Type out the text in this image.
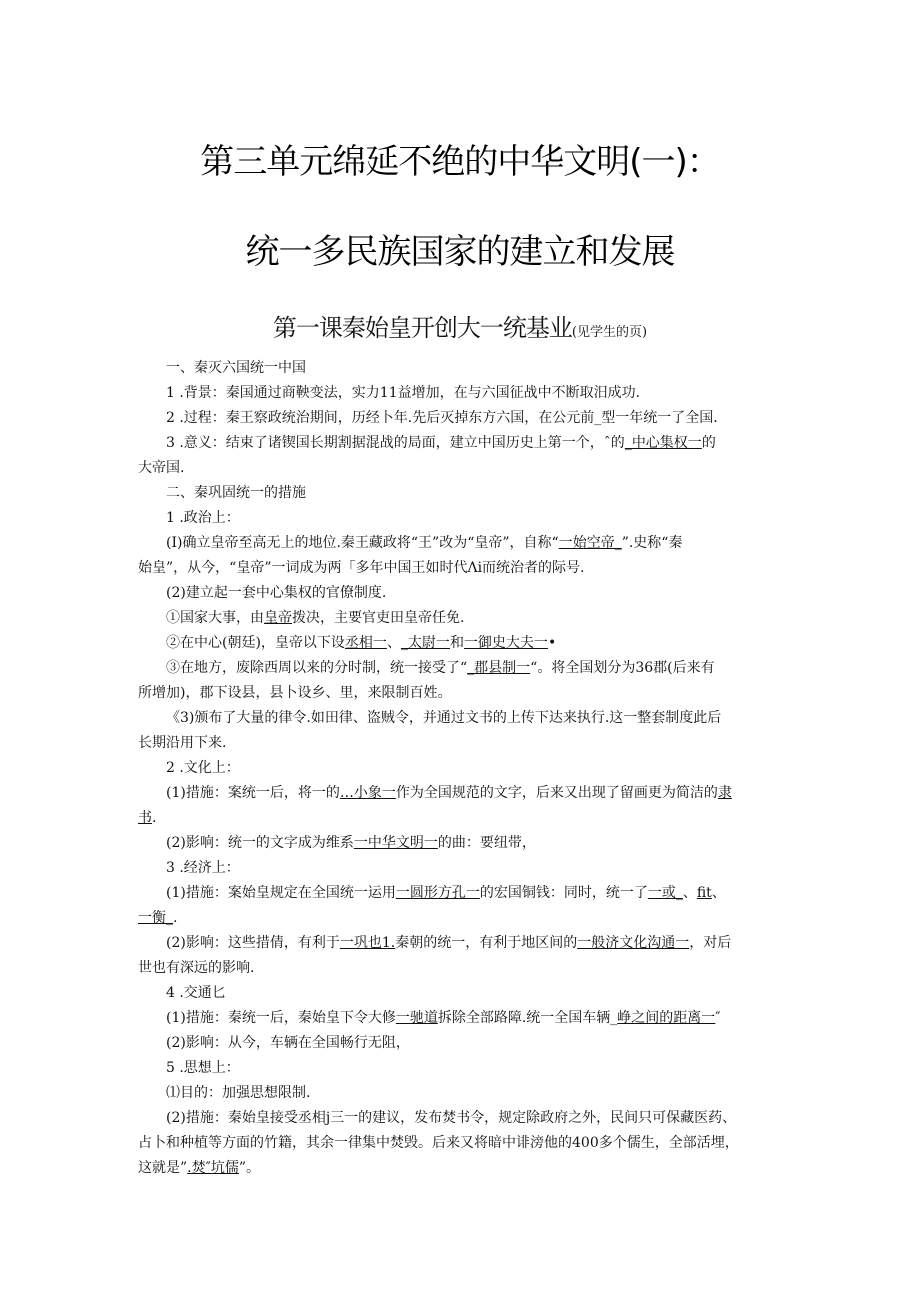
第三单元绵延不绝的中华文明(一)：
统一多民族国家的建立和发展
第一课秦始皇开创大一统基业(见学生的页)

一、秦灭六国统一中国

1 .背景：秦国通过商鞅变法，实力11益增加，在与六国征战中不断取汨成功.

2 .过程：秦王察政统治期间，历经卜年.先后灭掉东方六国，在公元前_型一年统一了全国.

3 .意义：结束了诸锲国长期割据混战的局面，建立中国历史上第一个，ˆ的_中心集权一的

大帝国.

二、秦巩固统一的措施

1 .政治上：

(I)确立皇帝至高无上的地位.秦王藏政将“王”改为“皇帝”，自称“一始空帝_”.史称“秦

始皇”，从今，“皇帝”一词成为两「多年中国王如时代Λi而统治者的际号.

(2)建立起一套中心集权的官僚制度.

①国家大事，由皇帝拨决，主要官吏田皇帝任免.

②在中心(朝廷)，皇帝以下设丞相一、_太尉一和一御史大夫一•

③在地方，废除西周以来的分时制，统一接受了“_郡县制一“。将全国划分为36郡(后来有

所增加)，郡下设县，县卜设乡、里，来限制百姓。

《3)颁布了大量的律令.如田律、盗贼令，并通过文书的上传下达来执行.这一整套制度此后

长期沿用下来.

2 .文化上：

(1)措施：案统一后，将一的…小象一作为全国规范的文字，后来又出现了留画更为简洁的隶

书.

(2)影响：统一的文字成为维系一中华文明一的曲：要纽带，

3 .经济上：

(1)措施：案始皇规定在全国统一运用一圆形方孔一的宏国铜钱：同时，统一了一或_、fit、

一衡_.

(2)影响：这些措倩，有利于一巩也1.秦朝的统一，有利于地区间的一般济文化沟通一，对后

世也有深远的影响.

4 .交通匕

(1)措施：秦统一后，秦始皇下令大修一驰道拆除全部路障.统一全国车辆_峥之间的距离一″

(2)影响：从今，车辆在全国畅行无阻，

5 .思想上：

⑴目的：加强思想限制.

(2)措施：秦始皇接受丞相j三一的建议，发布焚书令，规定除政府之外，民间只可保藏医药、

占卜和种植等方面的竹籍，其余一律集中焚毁。后来又将暗中诽滂他的400多个儒生，全部活埋，

这就是”.焚″坑儒”。
